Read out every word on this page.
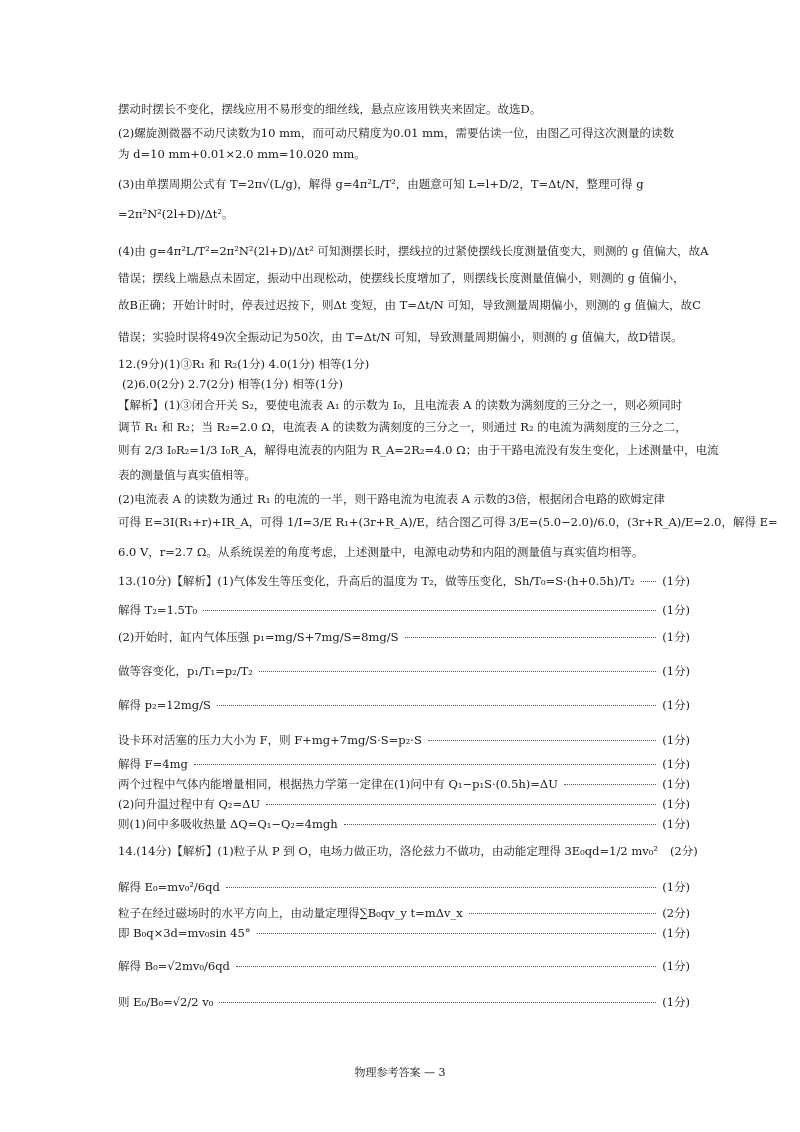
摆动时摆长不变化，摆线应用不易形变的细丝线，悬点应该用铁夹来固定。故选D。
(2)螺旋测微器不动尺读数为10 mm，而可动尺精度为0.01 mm，需要估读一位，由图乙可得这次测量的读数
为 d=10 mm+0.01×2.0 mm=10.020 mm。
(3)由单摆周期公式有 T=2π√(L/g)，解得 g=4π²L/T²，由题意可知 L=l+D/2，T=Δt/N，整理可得 g
=2π²N²(2l+D)/Δt²。
(4)由 g=4π²L/T²=2π²N²(2l+D)/Δt² 可知测摆长时，摆线拉的过紧使摆线长度测量值变大，则测的 g 值偏大，故A
错误；摆线上端悬点未固定，振动中出现松动，使摆线长度增加了，则摆线长度测量值偏小，则测的 g 值偏小，
故B正确；开始计时时，停表过迟按下，则Δt 变短，由 T=Δt/N 可知，导致测量周期偏小，则测的 g 值偏大，故C
错误；实验时误将49次全振动记为50次，由 T=Δt/N 可知，导致测量周期偏小，则测的 g 值偏大，故D错误。
12.(9分)(1)③R₁ 和 R₂(1分) 4.0(1分) 相等(1分)
(2)6.0(2分) 2.7(2分) 相等(1分) 相等(1分)
【解析】(1)③闭合开关 S₂，要使电流表 A₁ 的示数为 I₀，且电流表 A 的读数为满刻度的三分之一，则必须同时
调节 R₁ 和 R₂；当 R₂=2.0 Ω，电流表 A 的读数为满刻度的三分之一，则通过 R₂ 的电流为满刻度的三分之二，
则有 2/3 I₀R₂=1/3 I₀R_A，解得电流表的内阻为 R_A=2R₂=4.0 Ω；由于干路电流没有发生变化，上述测量中，电流
表的测量值与真实值相等。
(2)电流表 A 的读数为通过 R₁ 的电流的一半，则干路电流为电流表 A 示数的3倍，根据闭合电路的欧姆定律
可得 E=3I(R₁+r)+IR_A，可得 1/I=3/E R₁+(3r+R_A)/E，结合图乙可得 3/E=(5.0−2.0)/6.0，(3r+R_A)/E=2.0，解得 E=
6.0 V，r=2.7 Ω。从系统误差的角度考虑，上述测量中，电源电动势和内阻的测量值与真实值均相等。
13.(10分)【解析】(1)气体发生等压变化，升高后的温度为 T₂，做等压变化，Sh/T₀=S·(h+0.5h)/T₂ (1分)
解得 T₂=1.5T₀	(1分)
(2)开始时，缸内气体压强 p₁=mg/S+7mg/S=8mg/S	(1分)
做等容变化，p₁/T₁=p₂/T₂	(1分)
解得 p₂=12mg/S	(1分)
设卡环对活塞的压力大小为 F，则 F+mg+7mg/S·S=p₂·S	(1分)
解得 F=4mg	(1分)
两个过程中气体内能增量相同，根据热力学第一定律在(1)问中有 Q₁−p₁S·(0.5h)=ΔU	(1分)
(2)问升温过程中有 Q₂=ΔU	(1分)
则(1)问中多吸收热量 ΔQ=Q₁−Q₂=4mgh	(1分)
14.(14分)【解析】(1)粒子从 P 到 O，电场力做正功，洛伦兹力不做功，由动能定理得 3E₀qd=1/2 mv₀² (2分)
解得 E₀=mv₀²/6qd	(1分)
粒子在经过磁场时的水平方向上，由动量定理得∑B₀qv_y t=mΔv_x	(2分)
即 B₀q×3d=mv₀sin 45°	(1分)
解得 B₀=√2mv₀/6qd	(1分)
则 E₀/B₀=√2/2 v₀	(1分)
物理参考答案 — 3
